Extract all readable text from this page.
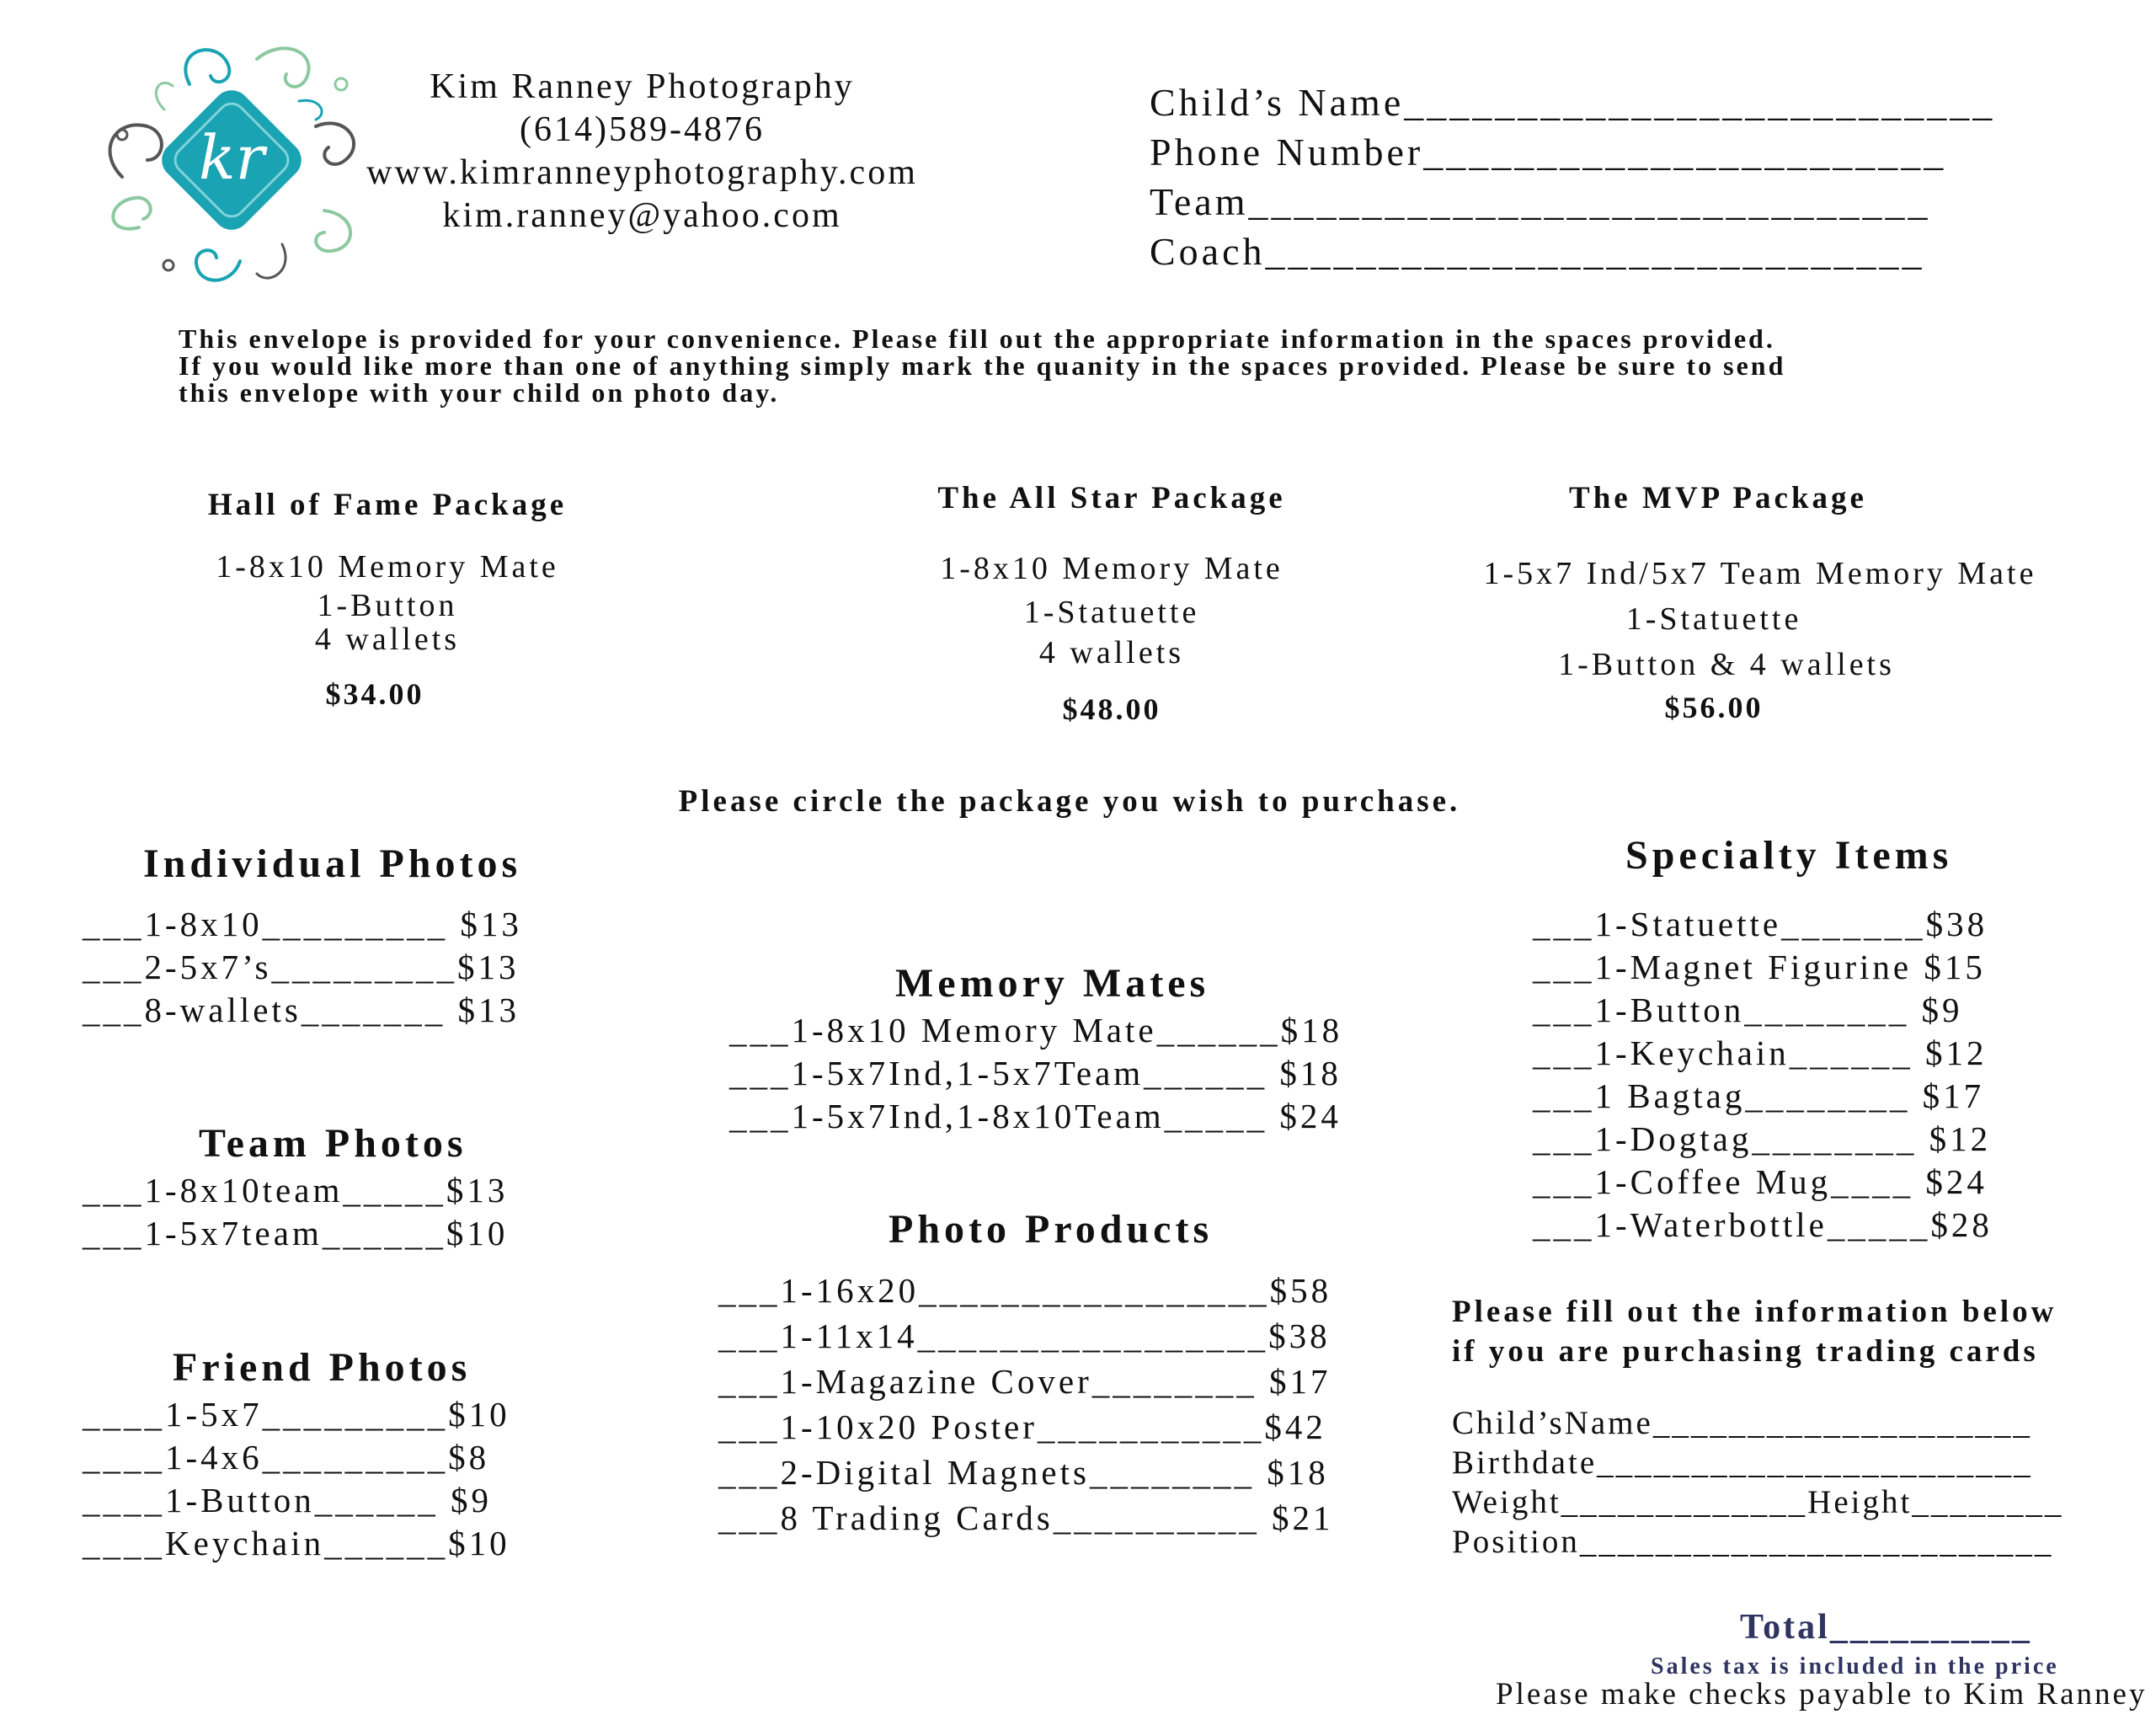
kr
Kim Ranney Photography
(614)589-4876
www.kimranneyphotography.com
kim.ranney@yahoo.com
Child’s Name__________________________
Phone Number_______________________
Team______________________________
Coach_____________________________
This envelope is provided for your convenience. Please fill out the appropriate information in the spaces provided.
If you would like more than one of anything simply mark the quanity in the spaces provided. Please be sure to send
this envelope with your child on photo day.
Hall of Fame Package
1-8x10 Memory Mate
1-Button
4 wallets
$34.00
The All Star Package
1-8x10 Memory Mate
1-Statuette
4 wallets
$48.00
The MVP Package
1-5x7 Ind/5x7 Team Memory Mate
1-Statuette
1-Button & 4 wallets
$56.00
Please circle the package you wish to purchase.
Individual Photos
___1-8x10_________ $13
___2-5x7’s_________$13
___8-wallets_______ $13
Team Photos
___1-8x10team_____$13
___1-5x7team______$10
Friend Photos
____1-5x7_________$10
____1-4x6_________$8
____1-Button______ $9
____Keychain______$10
Memory Mates
___1-8x10 Memory Mate______$18
___1-5x7Ind,1-5x7Team______ $18
___1-5x7Ind,1-8x10Team_____ $24
Photo Products
___1-16x20_________________$58
___1-11x14_________________$38
___1-Magazine Cover________ $17
___1-10x20 Poster___________$42
___2-Digital Magnets________ $18
___8 Trading Cards__________ $21
Specialty Items
___1-Statuette_______$38
___1-Magnet Figurine $15
___1-Button________ $9
___1-Keychain______ $12
___1 Bagtag________ $17
___1-Dogtag________ $12
___1-Coffee Mug____ $24
___1-Waterbottle_____$28
Please fill out the information below
if you are purchasing trading cards
Child’sName____________________
Birthdate_______________________
Weight_____________Height________
Position_________________________
Total__________
Sales tax is included in the price
Please make checks payable to Kim Ranney
